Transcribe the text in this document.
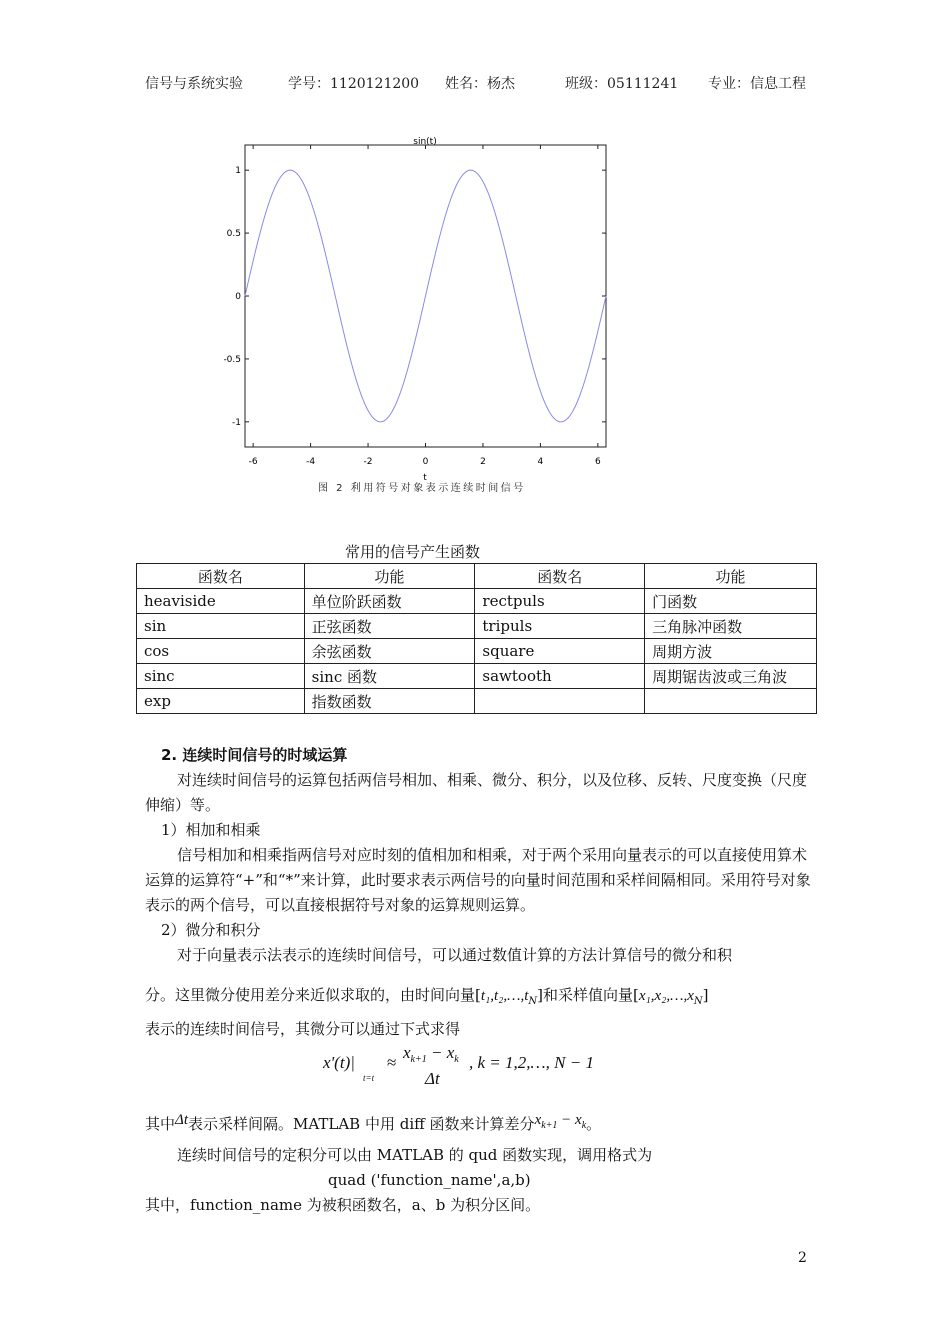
信号与系统实验	学号：1120121200 姓名：杨杰	班级：05111241 专业：信息工程
sin(t)
1
0.5
0
-0.5
-1
-6	-4	-2	0	2	4	6
t
图 2 利用符号对象表示连续时间信号
常用的信号产生函数
函数名	功能	函数名	功能
heaviside	单位阶跃函数	rectpuls	门函数
sin	正弦函数	tripuls	三角脉冲函数
cos	余弦函数	square	周期方波
sinc	sinc 函数	sawtooth	周期锯齿波或三角波
exp	指数函数		
2. 连续时间信号的时域运算
对连续时间信号的运算包括两信号相加、相乘、微分、积分，以及位移、反转、尺度变换（尺度伸缩）等。
1）相加和相乘
信号相加和相乘指两信号对应时刻的值相加和相乘，对于两个采用向量表示的可以直接使用算术运算的运算符“+”和“*”来计算，此时要求表示两信号的向量时间范围和采样间隔相同。采用符号对象表示的两个信号，可以直接根据符号对象的运算规则运算。
2）微分和积分
对于向量表示法表示的连续时间信号，可以通过数值计算的方法计算信号的微分和积
分。这里微分使用差分来近似求取的，由时间向量$[t_1,t_2,\dots,t_N]$和采样值向量$[x_1,x_2,\dots,x_N]$
表示的连续时间信号，其微分可以通过下式求得
x'(t)|
t=t
≈
$x_{k+1} - x_k$
Δt
, k = 1,2,…, N − 1
其中Δt表示采样间隔。MATLAB 中用 diff 函数来计算差分$x_{k+1} - x_k$。
连续时间信号的定积分可以由 MATLAB 的 qud 函数实现，调用格式为
quad ('function_name',a,b)
其中，function_name 为被积函数名，a、b 为积分区间。
2
